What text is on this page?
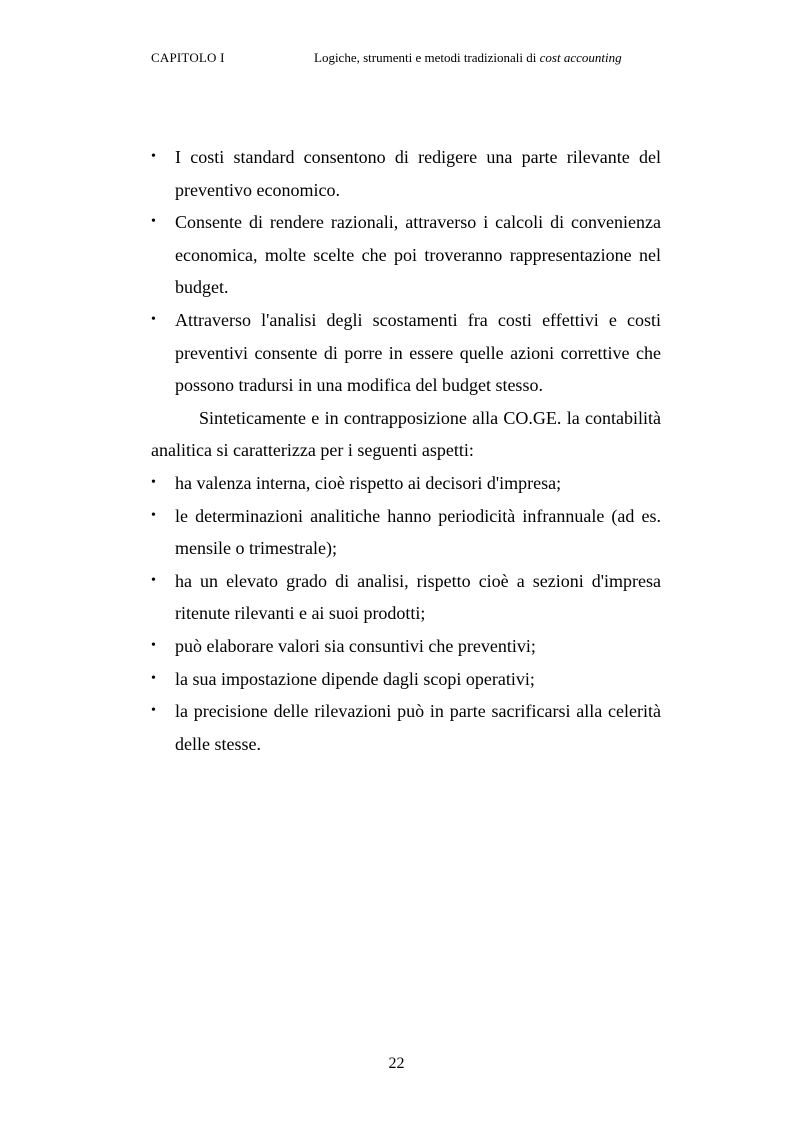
CAPITOLO I	Logiche, strumenti e metodi tradizionali di cost accounting
•	I costi standard consentono di redigere una parte rilevante del preventivo economico.
•	Consente di rendere razionali, attraverso i calcoli di convenienza economica, molte scelte che poi troveranno rappresentazione nel budget.
•	Attraverso l'analisi degli scostamenti fra costi effettivi e costi preventivi consente di porre in essere quelle azioni correttive che possono tradursi in una modifica del budget stesso.

Sinteticamente e in contrapposizione alla CO.GE. la contabilità analitica si caratterizza per i seguenti aspetti:

•	ha valenza interna, cioè rispetto ai decisori d'impresa;
•	le determinazioni analitiche hanno periodicità infrannuale (ad es. mensile o trimestrale);
•	ha un elevato grado di analisi, rispetto cioè a sezioni d'impresa ritenute rilevanti e ai suoi prodotti;
•	può elaborare valori sia consuntivi che preventivi;
•	la sua impostazione dipende dagli scopi operativi;
•	la precisione delle rilevazioni può in parte sacrificarsi alla celerità delle stesse.
22
